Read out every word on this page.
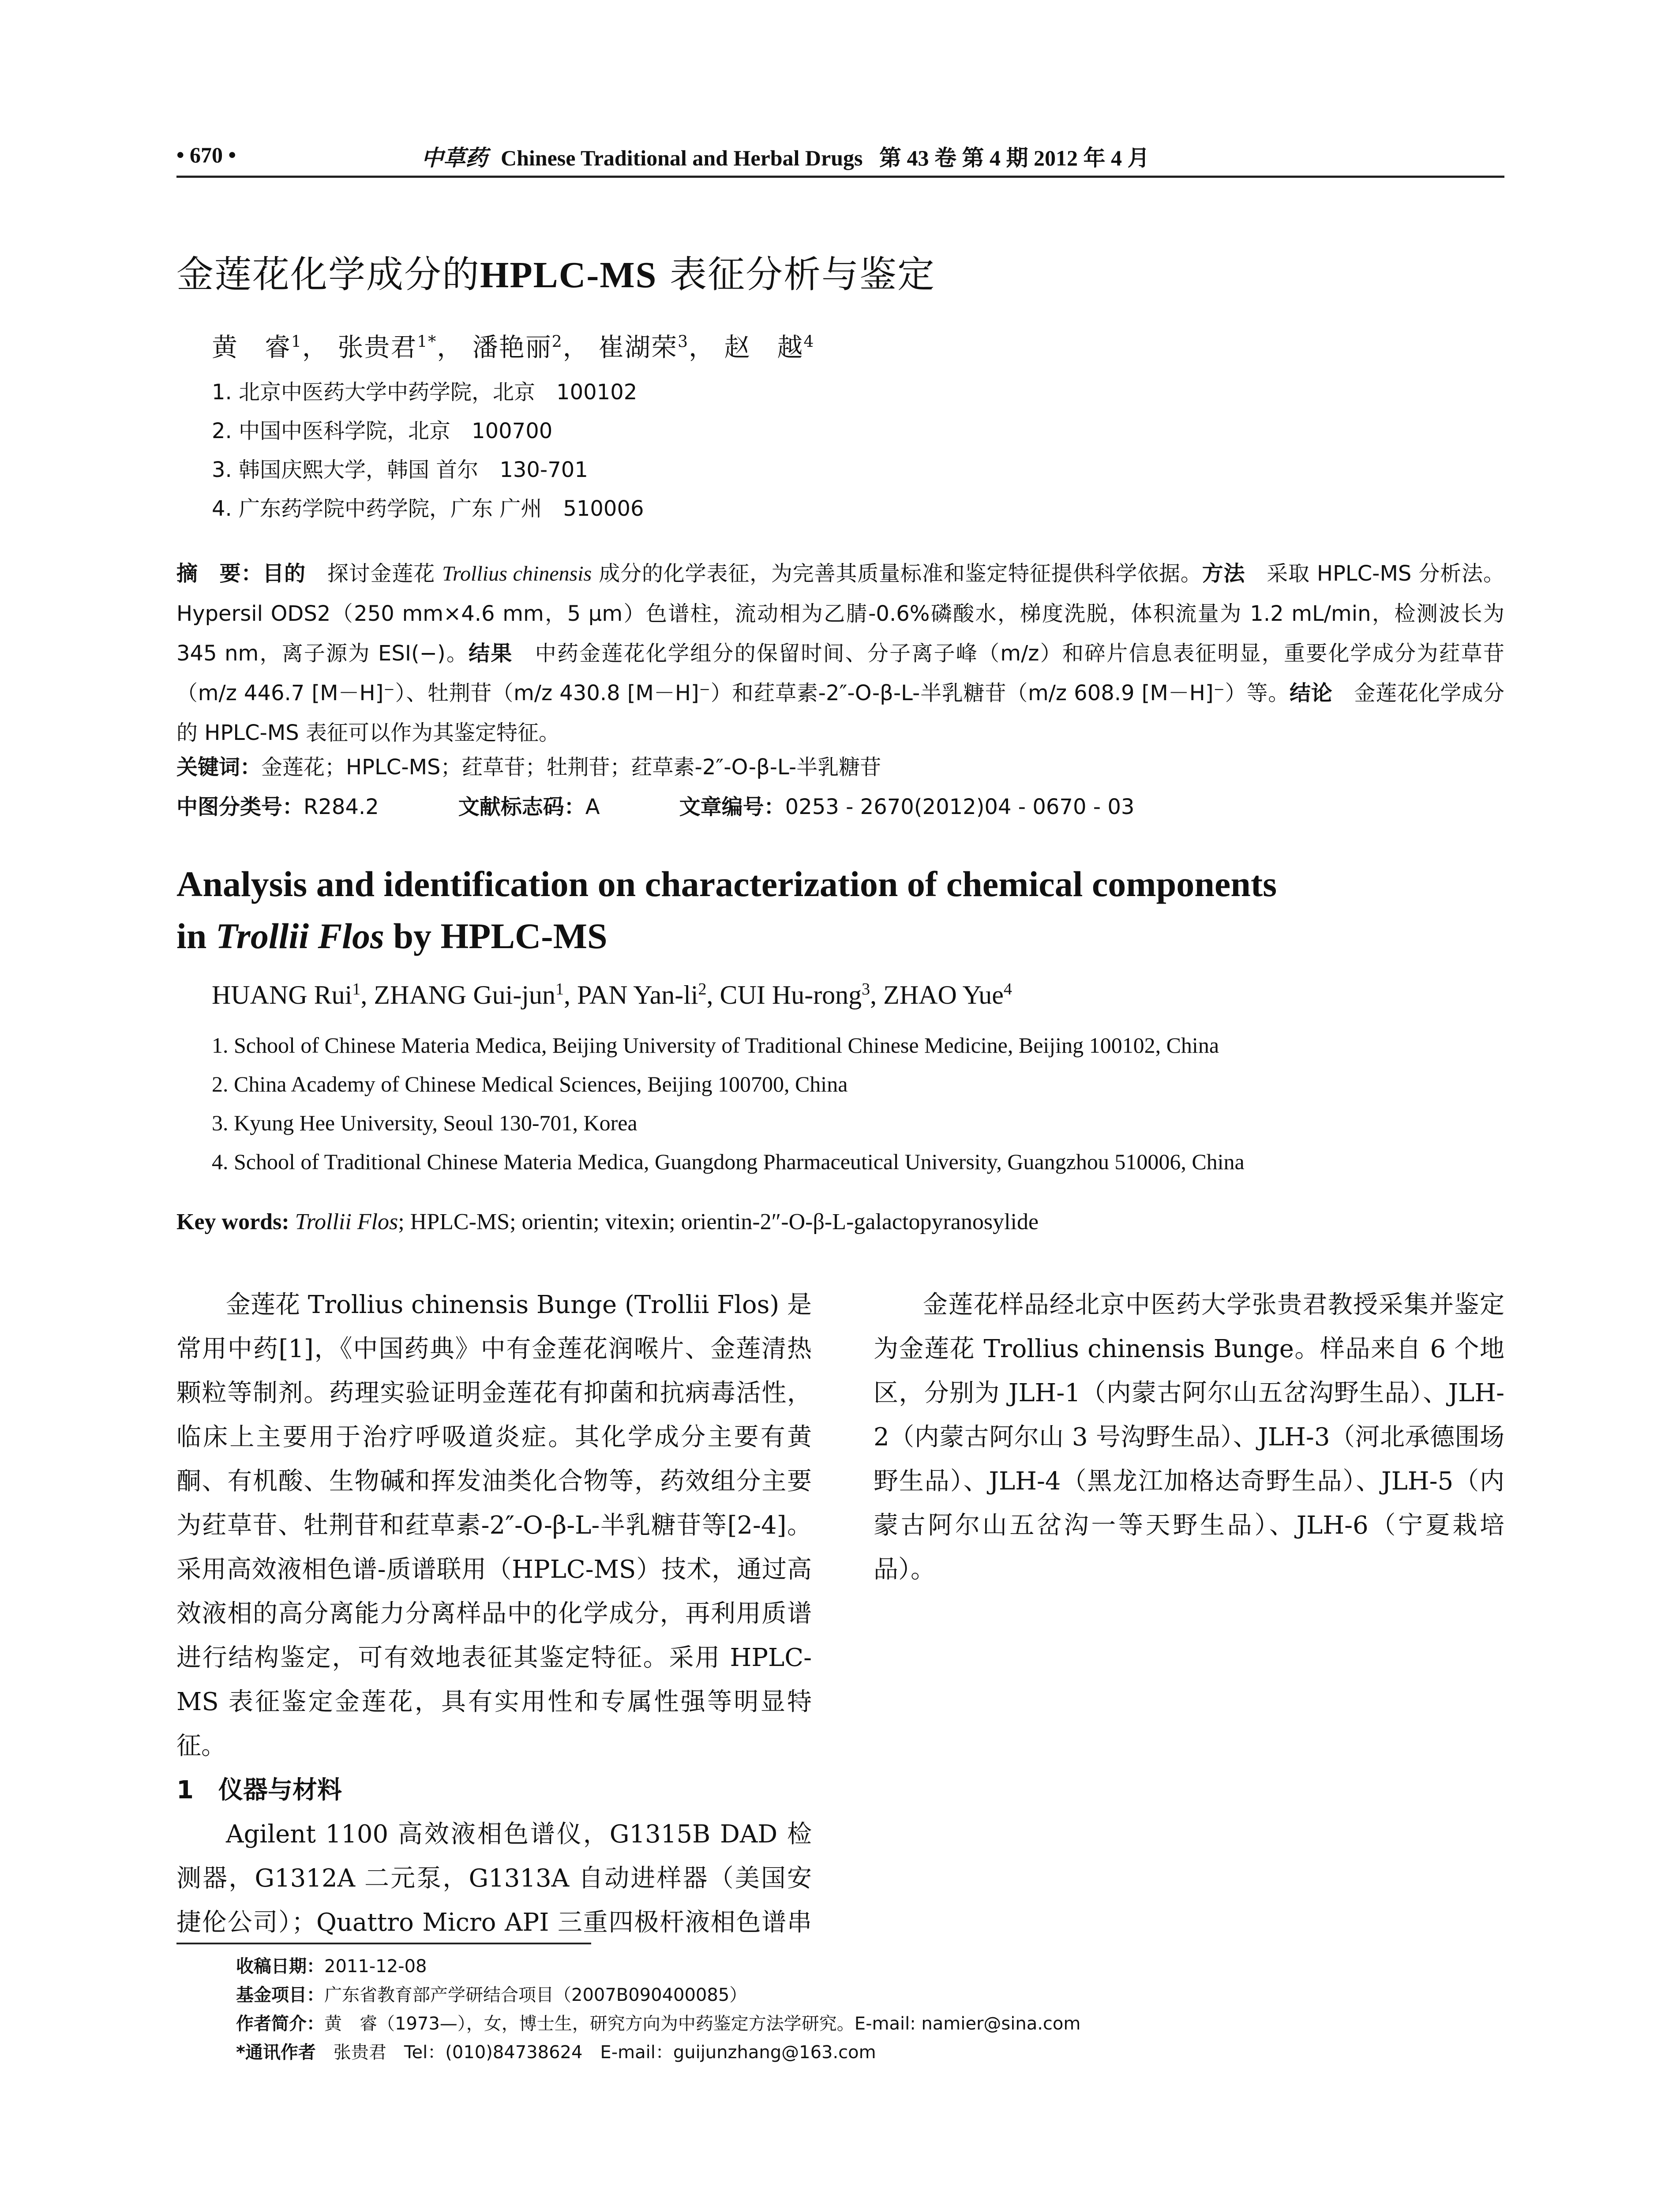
• 670 •	中草药 Chinese Traditional and Herbal Drugs 第 43 卷 第 4 期 2012 年 4 月
金莲花化学成分的HPLC-MS 表征分析与鉴定
黄　睿$^1$， 张贵君$^{1*}$， 潘艳丽$^2$， 崔湖荣$^3$， 赵　越$^4$
1. 北京中医药大学中药学院，北京　100102
2. 中国中医科学院，北京　100700
3. 韩国庆熙大学，韩国 首尔　130-701
4. 广东药学院中药学院，广东 广州　510006
摘　要：目的　探讨金莲花 Trollius chinensis 成分的化学表征，为完善其质量标准和鉴定特征提供科学依据。方法　采取 HPLC-MS 分析法。Hypersil ODS2（250 mm×4.6 mm，5 μm）色谱柱，流动相为乙腈-0.6%磷酸水，梯度洗脱，体积流量为 1.2 mL/min，检测波长为 345 nm，离子源为 ESI(−)。结果　中药金莲花化学组分的保留时间、分子离子峰（m/z）和碎片信息表征明显，重要化学成分为荭草苷（m/z 446.7 [M－H]⁻）、牡荆苷（m/z 430.8 [M－H]⁻）和荭草素-2″-O-β-L-半乳糖苷（m/z 608.9 [M－H]⁻）等。结论　金莲花化学成分的 HPLC-MS 表征可以作为其鉴定特征。
关键词：金莲花；HPLC-MS；荭草苷；牡荆苷；荭草素-2″-O-β-L-半乳糖苷
中图分类号：R284.2	文献标志码：A	文章编号：0253 - 2670(2012)04 - 0670 - 03
Analysis and identification on characterization of chemical components
in Trollii Flos by HPLC-MS
HUANG Rui$^1$, ZHANG Gui-jun$^1$, PAN Yan-$li^2$, CUI Hu-rong$^3$, ZHAO Yue$^4$
1. School of Chinese Materia Medica, Beijing University of Traditional Chinese Medicine, Beijing 100102, China
2. China Academy of Chinese Medical Sciences, Beijing 100700, China
3. Kyung Hee University, Seoul 130-701, Korea
4. School of Traditional Chinese Materia Medica, Guangdong Pharmaceutical University, Guangzhou 510006, China
Key words: Trollii Flos; HPLC-MS; orientin; vitexin; orientin-2″-O-β-L-galactopyranosylide

金莲花 Trollius chinensis Bunge (Trollii Flos) 是常用中药[1]，《中国药典》中有金莲花润喉片、金莲清热颗粒等制剂。药理实验证明金莲花有抑菌和抗病毒活性，临床上主要用于治疗呼吸道炎症。其化学成分主要有黄酮、有机酸、生物碱和挥发油类化合物等，药效组分主要为荭草苷、牡荆苷和荭草素-2″-O-β-L-半乳糖苷等[2-4]。采用高效液相色谱-质谱联用（HPLC-MS）技术，通过高效液相的高分离能力分离样品中的化学成分，再利用质谱进行结构鉴定，可有效地表征其鉴定特征。采用 HPLC-MS 表征鉴定金莲花，具有实用性和专属性强等明显特征。

1　仪器与材料

Agilent 1100 高效液相色谱仪，G1315B DAD 检测器，G1312A 二元泵，G1313A 自动进样器（美国安捷伦公司）；Quattro Micro API 三重四极杆液相色谱串

金莲花样品经北京中医药大学张贵君教授采集并鉴定为金莲花 Trollius chinensis Bunge。样品来自 6 个地区，分别为 JLH-1（内蒙古阿尔山五岔沟野生品）、JLH-2（内蒙古阿尔山 3 号沟野生品）、JLH-3（河北承德围场野生品）、JLH-4（黑龙江加格达奇野生品）、JLH-5（内蒙古阿尔山五岔沟一等天野生品）、JLH-6（宁夏栽培品）。

收稿日期：2011-12-08
基金项目：广东省教育部产学研结合项目（2007B090400085）
作者简介：黄　睿（1973—），女，博士生，研究方向为中药鉴定方法学研究。E-mail: namier@sina.com
*通讯作者　张贵君　Tel：(010)84738624　E-mail：guijunzhang@163.com
